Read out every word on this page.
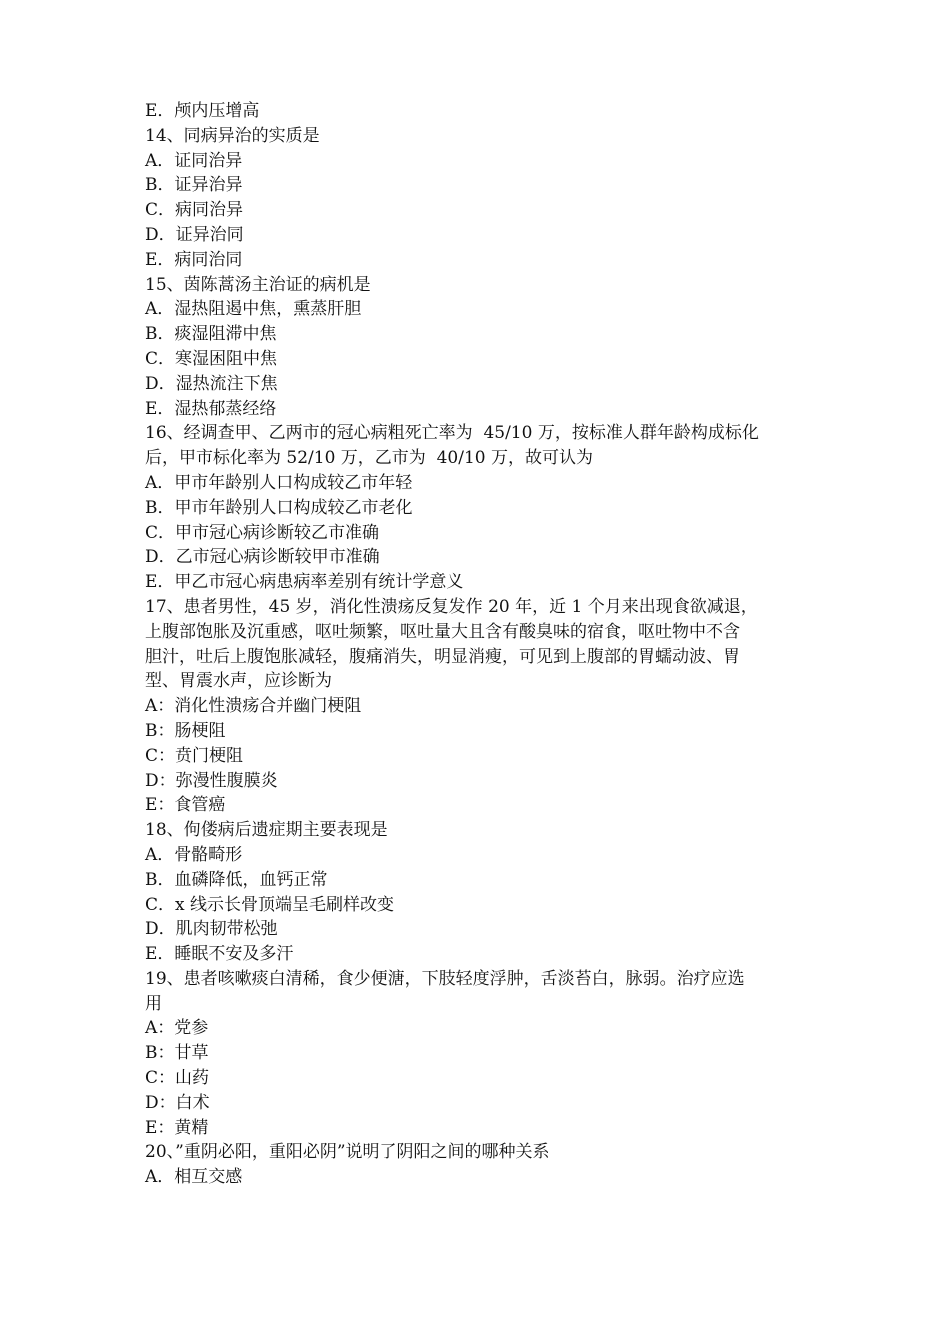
E．颅内压增高

14、同病异治的实质是

A．证同治异

B．证异治异

C．病同治异

D．证异治同

E．病同治同

15、茵陈蒿汤主治证的病机是

A．湿热阻遏中焦，熏蒸肝胆

B．痰湿阻滞中焦

C．寒湿困阻中焦

D．湿热流注下焦

E．湿热郁蒸经络

16、经调查甲、乙两市的冠心病粗死亡率为  45/10 万，按标准人群年龄构成标化

后，甲市标化率为 52/10 万，乙市为  40/10 万，故可认为

A．甲市年龄别人口构成较乙市年轻

B．甲市年龄别人口构成较乙市老化

C．甲市冠心病诊断较乙市准确

D．乙市冠心病诊断较甲市准确

E．甲乙市冠心病患病率差别有统计学意义

17、患者男性，45 岁，消化性溃疡反复发作 20 年，近 1 个月来出现食欲减退，

上腹部饱胀及沉重感，呕吐频繁，呕吐量大且含有酸臭味的宿食，呕吐物中不含

胆汁，吐后上腹饱胀减轻，腹痛消失，明显消瘦，可见到上腹部的胃蠕动波、胃

型、胃震水声，应诊断为

A：消化性溃疡合并幽门梗阻

B：肠梗阻

C：贲门梗阻

D：弥漫性腹膜炎

E：食管癌

18、佝偻病后遗症期主要表现是

A．骨骼畸形

B．血磷降低，血钙正常

C．x 线示长骨顶端呈毛刷样改变

D．肌肉韧带松弛

E．睡眠不安及多汗

19、患者咳嗽痰白清稀，食少便溏，下肢轻度浮肿，舌淡苔白，脉弱。治疗应选

用

A：党参

B：甘草

C：山药

D：白术

E：黄精

20、”重阴必阳，重阳必阴”说明了阴阳之间的哪种关系

A．相互交感
